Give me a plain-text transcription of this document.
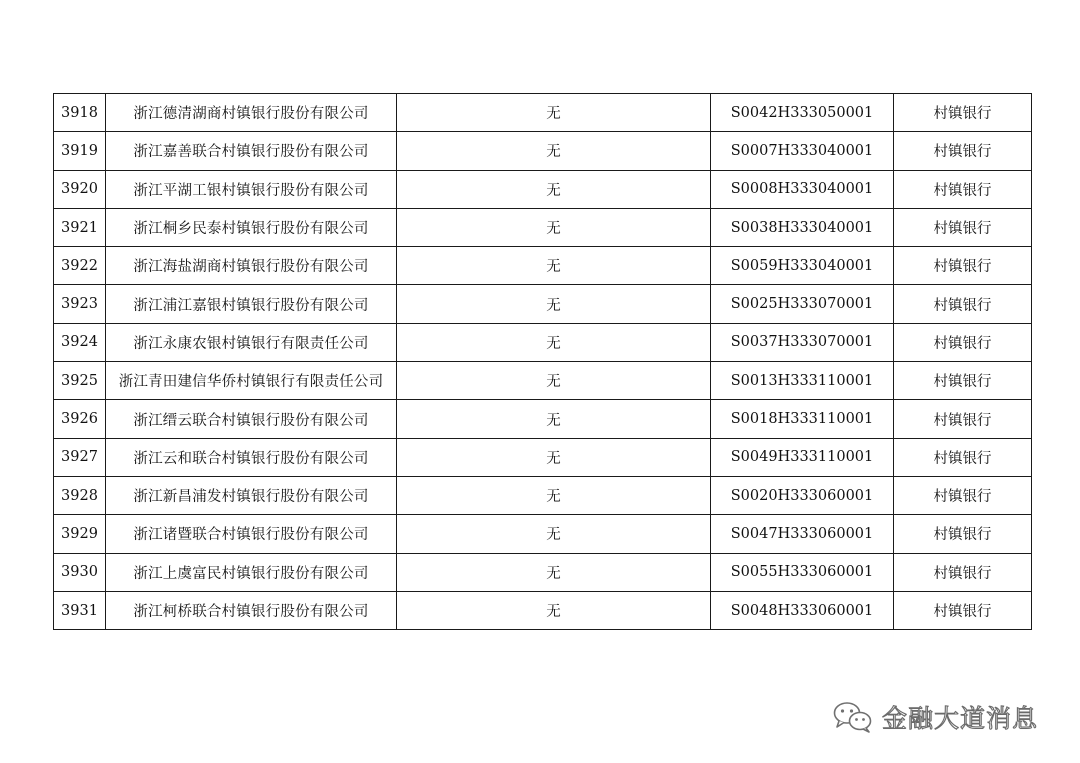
3918	浙江德清湖商村镇银行股份有限公司	无	S0042H333050001	村镇银行
3919	浙江嘉善联合村镇银行股份有限公司	无	S0007H333040001	村镇银行
3920	浙江平湖工银村镇银行股份有限公司	无	S0008H333040001	村镇银行
3921	浙江桐乡民泰村镇银行股份有限公司	无	S0038H333040001	村镇银行
3922	浙江海盐湖商村镇银行股份有限公司	无	S0059H333040001	村镇银行
3923	浙江浦江嘉银村镇银行股份有限公司	无	S0025H333070001	村镇银行
3924	浙江永康农银村镇银行有限责任公司	无	S0037H333070001	村镇银行
3925	浙江青田建信华侨村镇银行有限责任公司	无	S0013H333110001	村镇银行
3926	浙江缙云联合村镇银行股份有限公司	无	S0018H333110001	村镇银行
3927	浙江云和联合村镇银行股份有限公司	无	S0049H333110001	村镇银行
3928	浙江新昌浦发村镇银行股份有限公司	无	S0020H333060001	村镇银行
3929	浙江诸暨联合村镇银行股份有限公司	无	S0047H333060001	村镇银行
3930	浙江上虞富民村镇银行股份有限公司	无	S0055H333060001	村镇银行
3931	浙江柯桥联合村镇银行股份有限公司	无	S0048H333060001	村镇银行
金融大道消息
